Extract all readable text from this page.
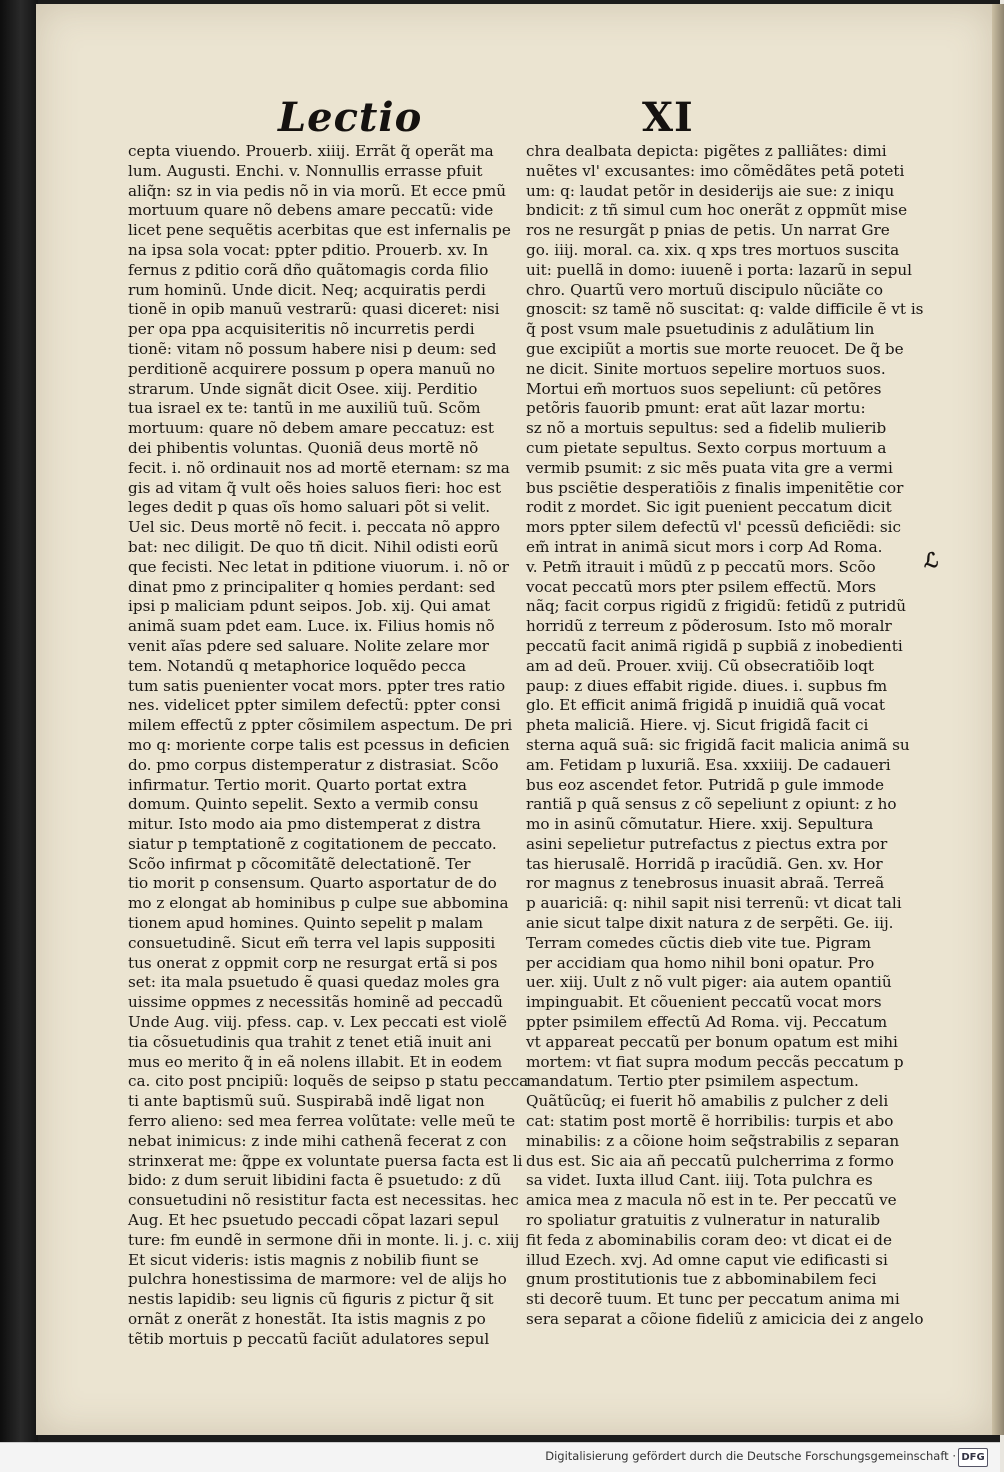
Lectio	XI
cepta viuendo. Prouerb. xiiij. Errãt q̃ operãt ma
lum. Augusti. Enchi. v. Nonnullis errasse pfuit
aliq̃n: sz in via pedis nõ in via morũ. Et ecce pmũ
mortuum quare nõ debens amare peccatũ: vide
licet pene sequẽtis acerbitas que est infernalis pe
na ipsa sola vocat: ppter pditio. Prouerb. xv. In
fernus z pditio corã dño quãtomagis corda filio
rum hominũ. Unde dicit. Neq; acquiratis perdi
tionẽ in opib manuũ vestrarũ: quasi diceret: nisi
per opa ppa acquisiteritis nõ incurretis perdi
tionẽ: vitam nõ possum habere nisi p deum: sed
perditionẽ acquirere possum p opera manuũ no
strarum. Unde signãt dicit Osee. xiij. Perditio
tua israel ex te: tantũ in me auxiliũ tuũ. Scõm
mortuum: quare nõ debem amare peccatuz: est
dei phibentis voluntas. Quoniã deus mortẽ nõ
fecit. i. nõ ordinauit nos ad mortẽ eternam: sz ma
gis ad vitam q̃ vult oẽs hoies saluos fieri: hoc est
leges dedit p quas oĩs homo saluari põt si velit.
Uel sic. Deus mortẽ nõ fecit. i. peccata nõ appro
bat: nec diligit. De quo tñ dicit. Nihil odisti eorũ
que fecisti. Nec letat in pditione viuorum. i. nõ or
dinat pmo z principaliter q homies perdant: sed
ipsi p maliciam pdunt seipos. Job. xij. Qui amat
animã suam pdet eam. Luce. ix. Filius homis nõ
venit aĩas pdere sed saluare. Nolite zelare mor
tem. Notandũ q metaphorice loquẽdo pecca
tum satis puenienter vocat mors. ppter tres ratio
nes. videlicet ppter similem defectũ: ppter consi
milem effectũ z ppter cõsimilem aspectum. De pri
mo q: moriente corpe talis est pcessus in deficien
do. pmo corpus distemperatur z distrasiat. Scõo
infirmatur. Tertio morit. Quarto portat extra
domum. Quinto sepelit. Sexto a vermib consu
mitur. Isto modo aia pmo distemperat z distra
siatur p temptationẽ z cogitationem de peccato.
Scõo infirmat p cõcomitãtẽ delectationẽ. Ter
tio morit p consensum. Quarto asportatur de do
mo z elongat ab hominibus p culpe sue abbomina
tionem apud homines. Quinto sepelit p malam
consuetudinẽ. Sicut em̃ terra vel lapis suppositi
tus onerat z oppmit corp ne resurgat ertã si pos
set: ita mala psuetudo ẽ quasi quedaz moles gra
uissime oppmes z necessitãs hominẽ ad peccadũ
Unde Aug. viij. pfess. cap. v. Lex peccati est violẽ
tia cõsuetudinis qua trahit z tenet etiã inuit ani
mus eo merito q̃ in eã nolens illabit. Et in eodem
ca. cito post pncipiũ: loquẽs de seipso p statu pecca
ti ante baptismũ suũ. Suspirabã indẽ ligat non
ferro alieno: sed mea ferrea volũtate: velle meũ te
nebat inimicus: z inde mihi cathenã fecerat z con
strinxerat me: q̃ppe ex voluntate puersa facta est li
bido: z dum seruit libidini facta ẽ psuetudo: z dũ
consuetudini nõ resistitur facta est necessitas. hec
Aug. Et hec psuetudo peccadi cõpat lazari sepul
ture: fm eundẽ in sermone dñi in monte. li. j. c. xiij
Et sicut videris: istis magnis z nobilib fiunt se
pulchra honestissima de marmore: vel de alijs ho
nestis lapidib: seu lignis cũ figuris z pictur q̃ sit
ornãt z onerãt z honestãt. Ita istis magnis z po
tẽtib mortuis p peccatũ faciũt adulatores sepul
chra dealbata depicta: pigẽtes z palliãtes: dimi
nuẽtes vl' excusantes: imo cõmẽdãtes petã poteti
um: q: laudat petõr in desiderijs aie sue: z iniqu
bndicit: z tñ simul cum hoc onerãt z oppmũt mise
ros ne resurgãt p pnias de petis. Un narrat Gre
go. iiij. moral. ca. xix. q xps tres mortuos suscita
uit: puellã in domo: iuuenẽ i porta: lazarũ in sepul
chro. Quartũ vero mortuũ discipulo nũciãte co
gnoscit: sz tamẽ nõ suscitat: q: valde difficile ẽ vt is
q̃ post vsum male psuetudinis z adulãtium lin
gue excipiũt a mortis sue morte reuocet. De q̃ be
ne dicit. Sinite mortuos sepelire mortuos suos.
Mortui em̃ mortuos suos sepeliunt: cũ petõres
petõris fauorib pmunt: erat aũt lazar mortu:
sz nõ a mortuis sepultus: sed a fidelib mulierib
cum pietate sepultus. Sexto corpus mortuum a
vermib psumit: z sic mẽs puata vita gre a vermi
bus psciẽtie desperatiõis z finalis impenitẽtie cor
rodit z mordet. Sic igit puenient peccatum dicit
mors ppter silem defectũ vl' pcessũ deficiẽdi: sic
em̃ intrat in animã sicut mors i corp Ad Roma.
v. Petm̃ itrauit i mũdũ z p peccatũ mors. Scõo
vocat peccatũ mors pter psilem effectũ. Mors
nãq; facit corpus rigidũ z frigidũ: fetidũ z putridũ
horridũ z terreum z põderosum. Isto mõ moralr
peccatũ facit animã rigidã p supbiã z inobedienti
am ad deũ. Prouer. xviij. Cũ obsecratiõib loqt
paup: z diues effabit rigide. diues. i. supbus fm
glo. Et efficit animã frigidã p inuidiã quã vocat
pheta maliciã. Hiere. vj. Sicut frigidã facit ci
sterna aquã suã: sic frigidã facit malicia animã su
am. Fetidam p luxuriã. Esa. xxxiiij. De cadaueri
bus eoz ascendet fetor. Putridã p gule immode
rantiã p quã sensus z cõ sepeliunt z opiunt: z ho
mo in asinũ cõmutatur. Hiere. xxij. Sepultura
asini sepelietur putrefactus z piectus extra por
tas hierusalẽ. Horridã p iracũdiã. Gen. xv. Hor
ror magnus z tenebrosus inuasit abraã. Terreã
p auariciã: q: nihil sapit nisi terrenũ: vt dicat tali
anie sicut talpe dixit natura z de serpẽti. Ge. iij.
Terram comedes cũctis dieb vite tue. Pigram
per accidiam qua homo nihil boni opatur. Pro
uer. xiij. Uult z nõ vult piger: aia autem opantiũ
impinguabit. Et cõuenient peccatũ vocat mors
ppter psimilem effectũ Ad Roma. vij. Peccatum
vt appareat peccatũ per bonum opatum est mihi
mortem: vt fiat supra modum peccãs peccatum p
mandatum. Tertio pter psimilem aspectum.
Quãtũcũq; ei fuerit hõ amabilis z pulcher z deli
cat: statim post mortẽ ẽ horribilis: turpis et abo
minabilis: z a cõione hoim seq̃strabilis z separan
dus est. Sic aia añ peccatũ pulcherrima z formo
sa videt. Iuxta illud Cant. iiij. Tota pulchra es
amica mea z macula nõ est in te. Per peccatũ ve
ro spoliatur gratuitis z vulneratur in naturalib
fit feda z abominabilis coram deo: vt dicat ei de
illud Ezech. xvj. Ad omne caput vie edificasti si
gnum prostitutionis tue z abbominabilem feci
sti decorẽ tuum. Et tunc per peccatum anima mi
sera separat a cõione fideliũ z amicicia dei z angelo
ℒ
Digitalisierung gefördert durch die Deutsche Forschungsgemeinschaft · DFG
